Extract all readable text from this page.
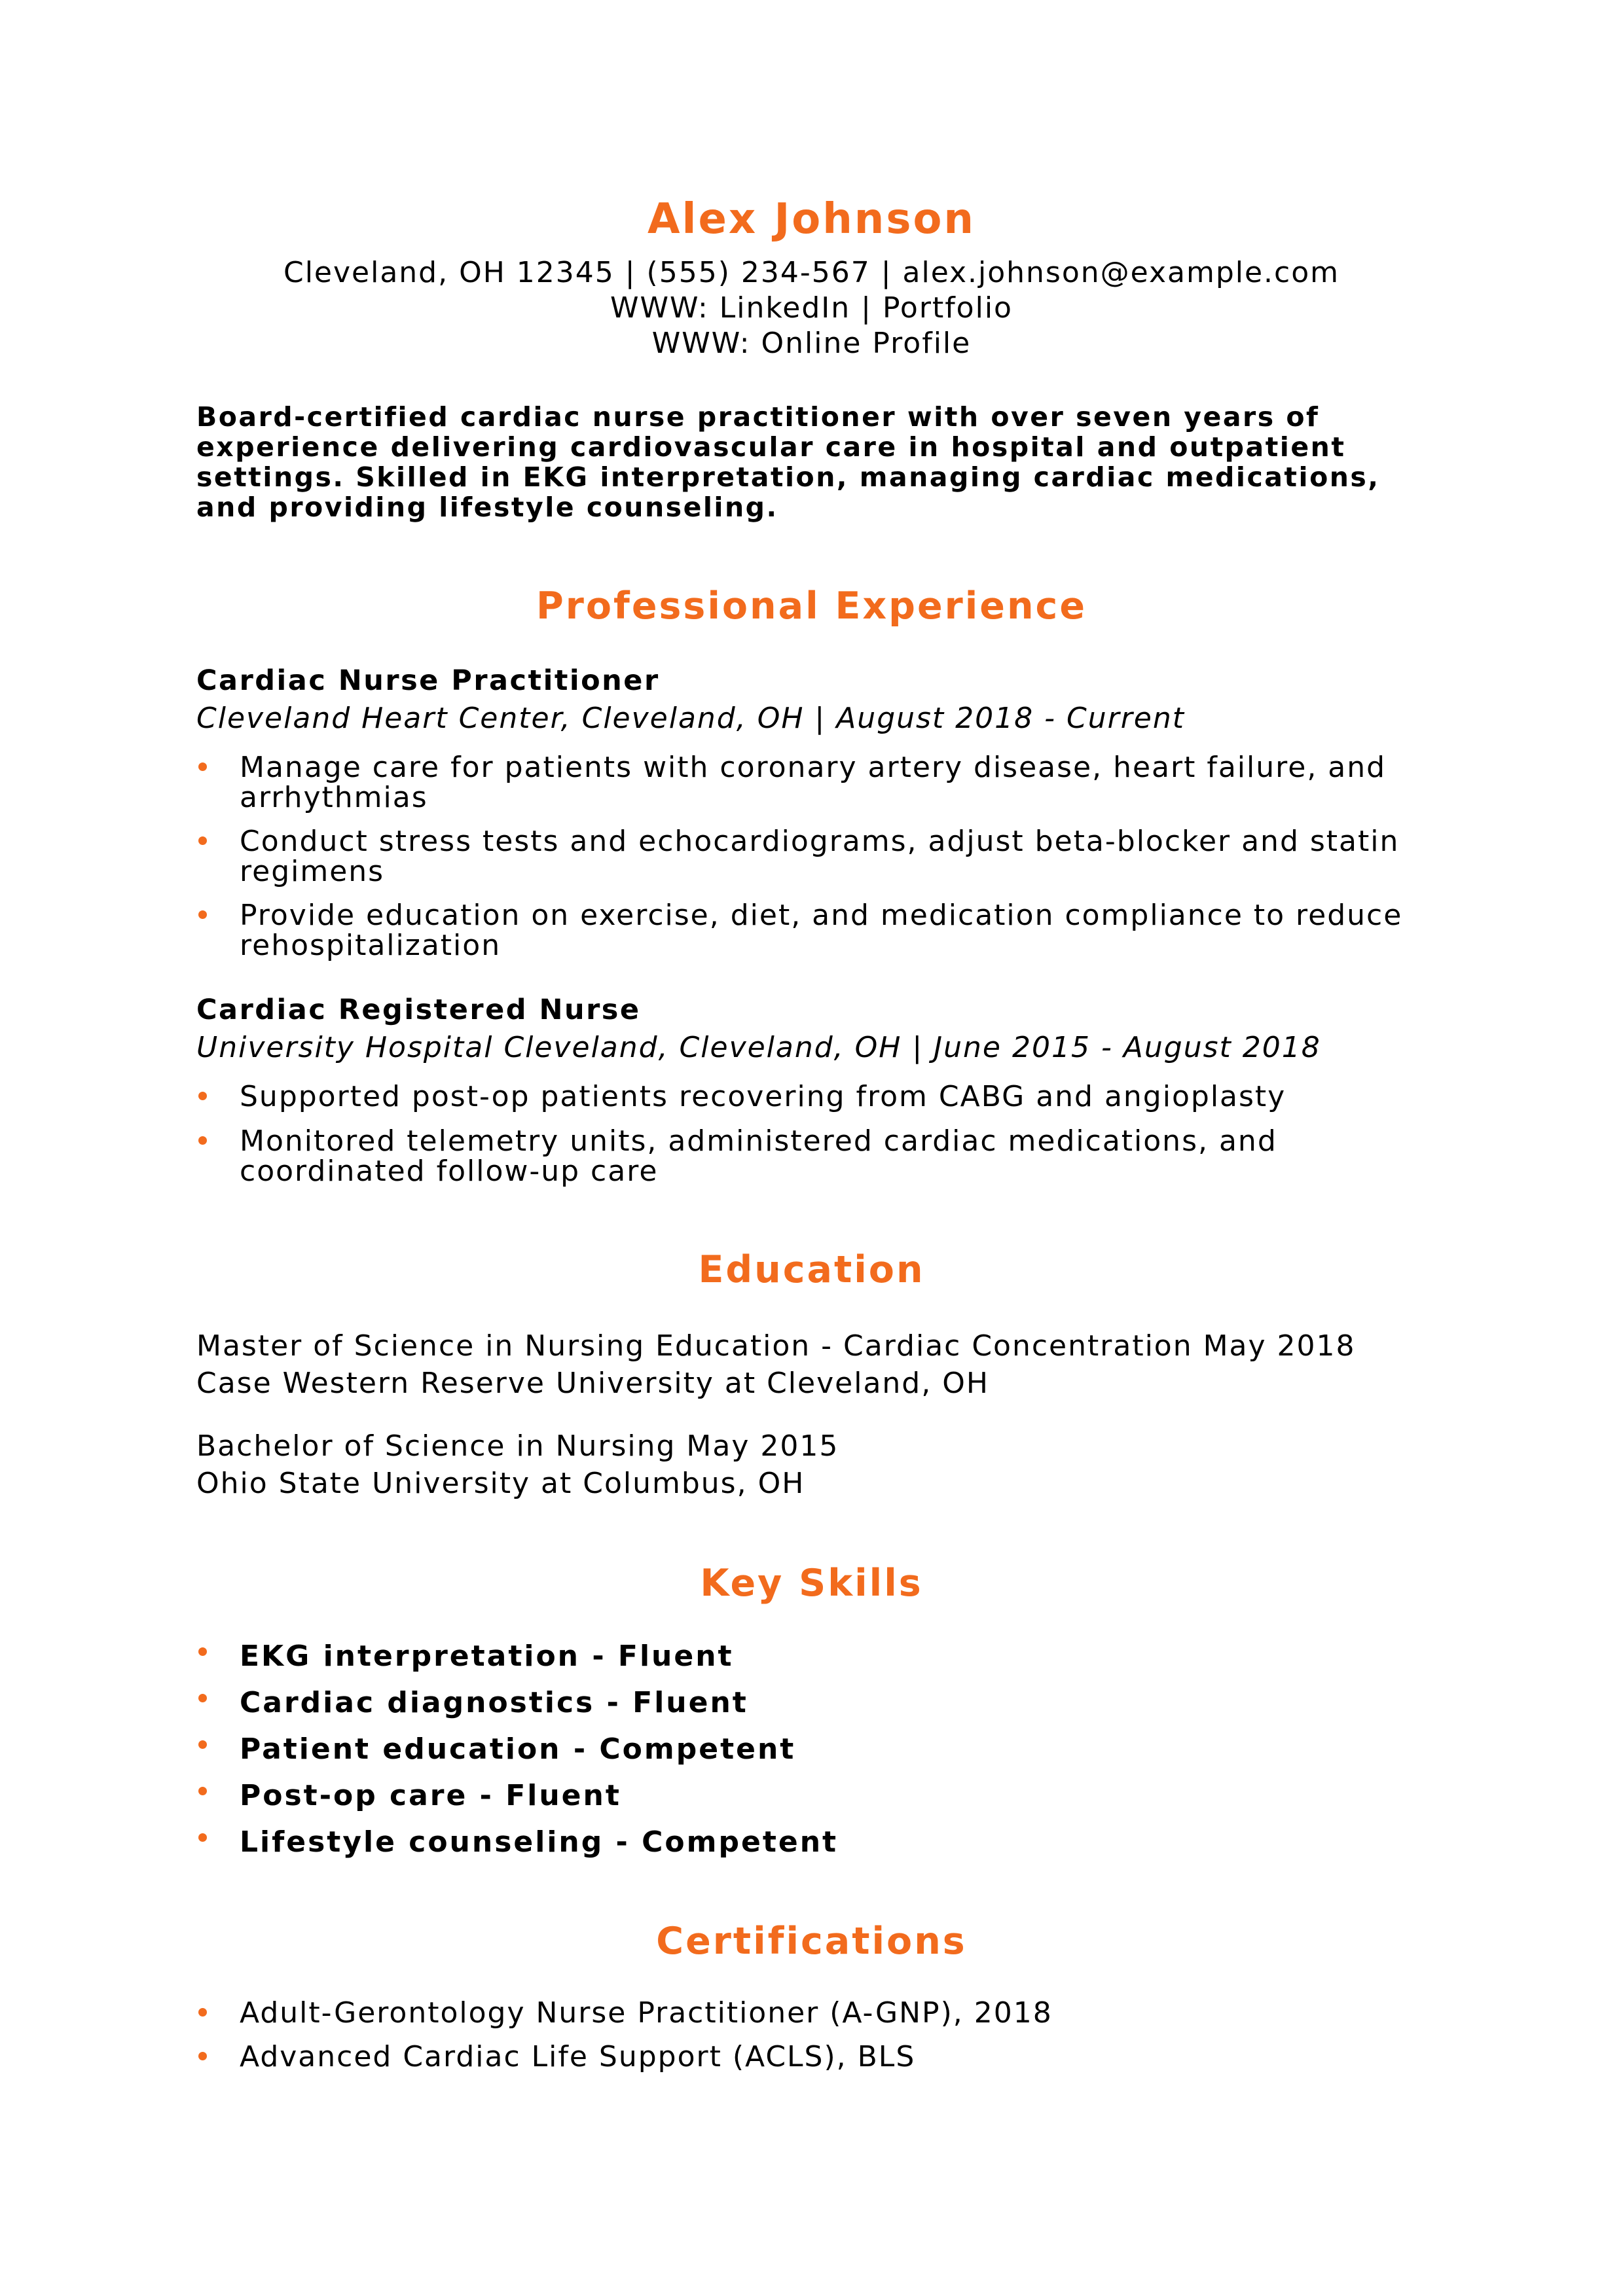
Alex Johnson
Cleveland, OH 12345 | (555) 234-567 | alex.johnson@example.com
WWW: LinkedIn | Portfolio
WWW: Online Profile
Board-certified cardiac nurse practitioner with over seven years of experience delivering cardiovascular care in hospital and outpatient settings. Skilled in EKG interpretation, managing cardiac medications, and providing lifestyle counseling.
Professional Experience
Cardiac Nurse Practitioner
Cleveland Heart Center, Cleveland, OH | August 2018 - Current
Manage care for patients with coronary artery disease, heart failure, and arrhythmias
Conduct stress tests and echocardiograms, adjust beta-blocker and statin regimens
Provide education on exercise, diet, and medication compliance to reduce rehospitalization
Cardiac Registered Nurse
University Hospital Cleveland, Cleveland, OH | June 2015 - August 2018
Supported post-op patients recovering from CABG and angioplasty
Monitored telemetry units, administered cardiac medications, and coordinated follow-up care
Education
Master of Science in Nursing Education - Cardiac Concentration May 2018
Case Western Reserve University at Cleveland, OH
Bachelor of Science in Nursing May 2015
Ohio State University at Columbus, OH
Key Skills
EKG interpretation - Fluent
Cardiac diagnostics - Fluent
Patient education - Competent
Post-op care - Fluent
Lifestyle counseling - Competent
Certifications
Adult-Gerontology Nurse Practitioner (A-GNP), 2018
Advanced Cardiac Life Support (ACLS), BLS
